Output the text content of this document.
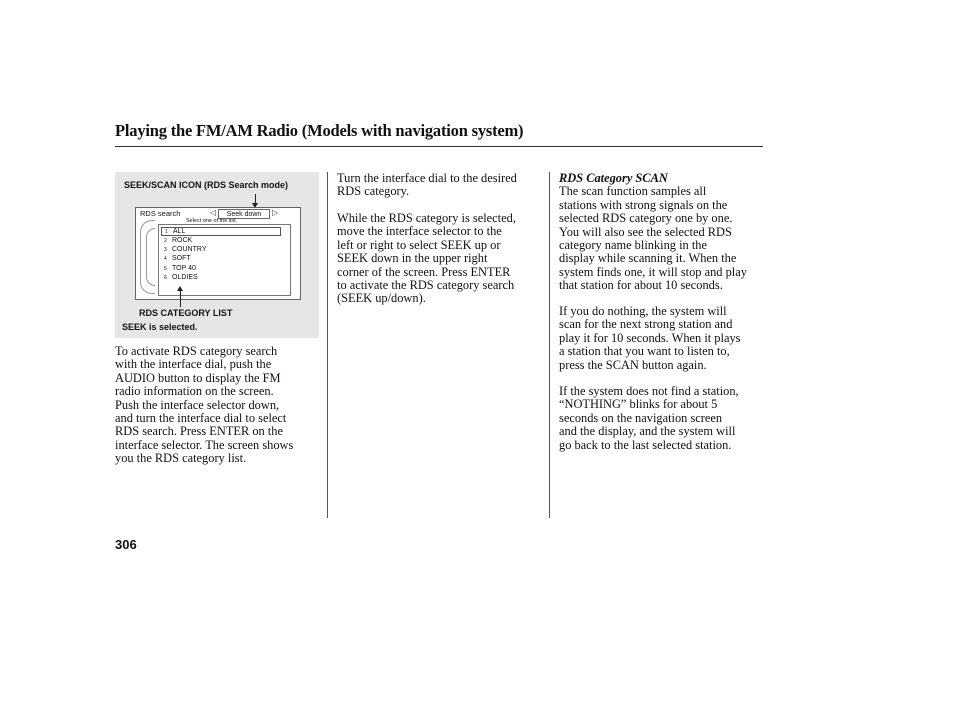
Playing the FM/AM Radio (Models with navigation system)
SEEK/SCAN ICON (RDS Search mode)
RDS search	◁	Seek down	▷
Select one of the list.
1 ALL
2 ROCK
3 COUNTRY
4 SOFT
5 TOP 40
6 OLDIES
RDS CATEGORY LIST
SEEK is selected.

To activate RDS category search
with the interface dial, push the
AUDIO button to display the FM
radio information on the screen.
Push the interface selector down,
and turn the interface dial to select
RDS search. Press ENTER on the
interface selector. The screen shows
you the RDS category list.

Turn the interface dial to the desired
RDS category.

While the RDS category is selected,
move the interface selector to the
left or right to select SEEK up or
SEEK down in the upper right
corner of the screen. Press ENTER
to activate the RDS category search
(SEEK up/down).

RDS Category SCAN
The scan function samples all
stations with strong signals on the
selected RDS category one by one.
You will also see the selected RDS
category name blinking in the
display while scanning it. When the
system finds one, it will stop and play
that station for about 10 seconds.

If you do nothing, the system will
scan for the next strong station and
play it for 10 seconds. When it plays
a station that you want to listen to,
press the SCAN button again.

If the system does not find a station,
“NOTHING” blinks for about 5
seconds on the navigation screen
and the display, and the system will
go back to the last selected station.

306
